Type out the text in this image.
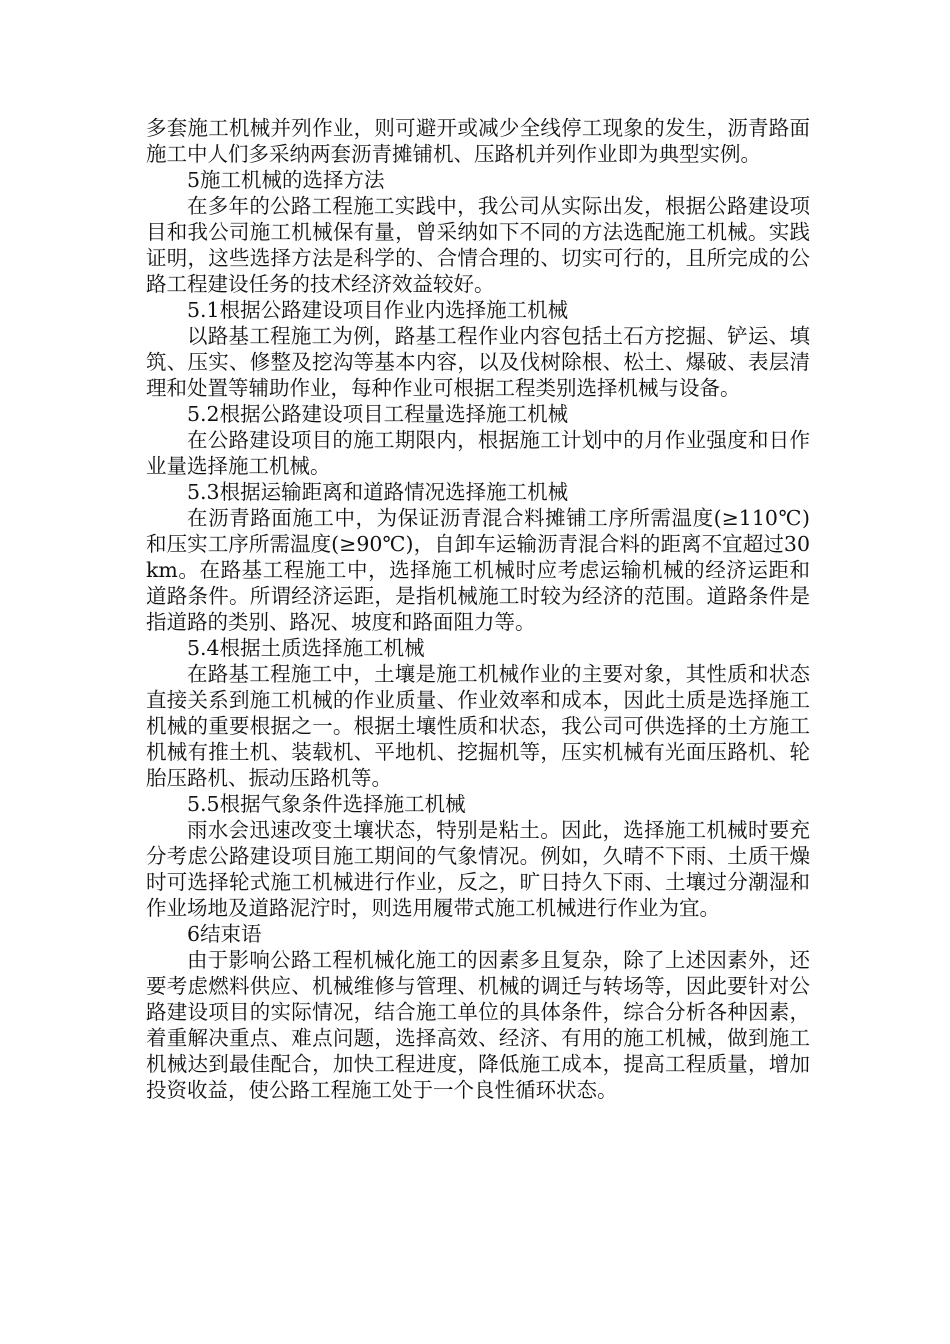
多套施工机械并列作业，则可避开或减少全线停工现象的发生，沥青路面施工中人们多采纳两套沥青摊铺机、压路机并列作业即为典型实例。

5施工机械的选择方法

在多年的公路工程施工实践中，我公司从实际出发，根据公路建设项目和我公司施工机械保有量，曾采纳如下不同的方法选配施工机械。实践证明，这些选择方法是科学的、合情合理的、切实可行的，且所完成的公路工程建设任务的技术经济效益较好。

5.1根据公路建设项目作业内选择施工机械

以路基工程施工为例，路基工程作业内容包括土石方挖掘、铲运、填筑、压实、修整及挖沟等基本内容，以及伐树除根、松土、爆破、表层清理和处置等辅助作业，每种作业可根据工程类别选择机械与设备。

5.2根据公路建设项目工程量选择施工机械

在公路建设项目的施工期限内，根据施工计划中的月作业强度和日作业量选择施工机械。

5.3根据运输距离和道路情况选择施工机械

在沥青路面施工中，为保证沥青混合料摊铺工序所需温度(≥110℃)和压实工序所需温度(≥90℃)，自卸车运输沥青混合料的距离不宜超过30km。在路基工程施工中，选择施工机械时应考虑运输机械的经济运距和道路条件。所谓经济运距，是指机械施工时较为经济的范围。道路条件是指道路的类别、路况、坡度和路面阻力等。

5.4根据土质选择施工机械

在路基工程施工中，土壤是施工机械作业的主要对象，其性质和状态直接关系到施工机械的作业质量、作业效率和成本，因此土质是选择施工机械的重要根据之一。根据土壤性质和状态，我公司可供选择的土方施工机械有推土机、装载机、平地机、挖掘机等，压实机械有光面压路机、轮胎压路机、振动压路机等。

5.5根据气象条件选择施工机械

雨水会迅速改变土壤状态，特别是粘土。因此，选择施工机械时要充分考虑公路建设项目施工期间的气象情况。例如，久晴不下雨、土质干燥时可选择轮式施工机械进行作业，反之，旷日持久下雨、土壤过分潮湿和作业场地及道路泥泞时，则选用履带式施工机械进行作业为宜。

6结束语

由于影响公路工程机械化施工的因素多且复杂，除了上述因素外，还要考虑燃料供应、机械维修与管理、机械的调迁与转场等，因此要针对公路建设项目的实际情况，结合施工单位的具体条件，综合分析各种因素，着重解决重点、难点问题，选择高效、经济、有用的施工机械，做到施工机械达到最佳配合，加快工程进度，降低施工成本，提高工程质量，增加投资收益，使公路工程施工处于一个良性循环状态。
